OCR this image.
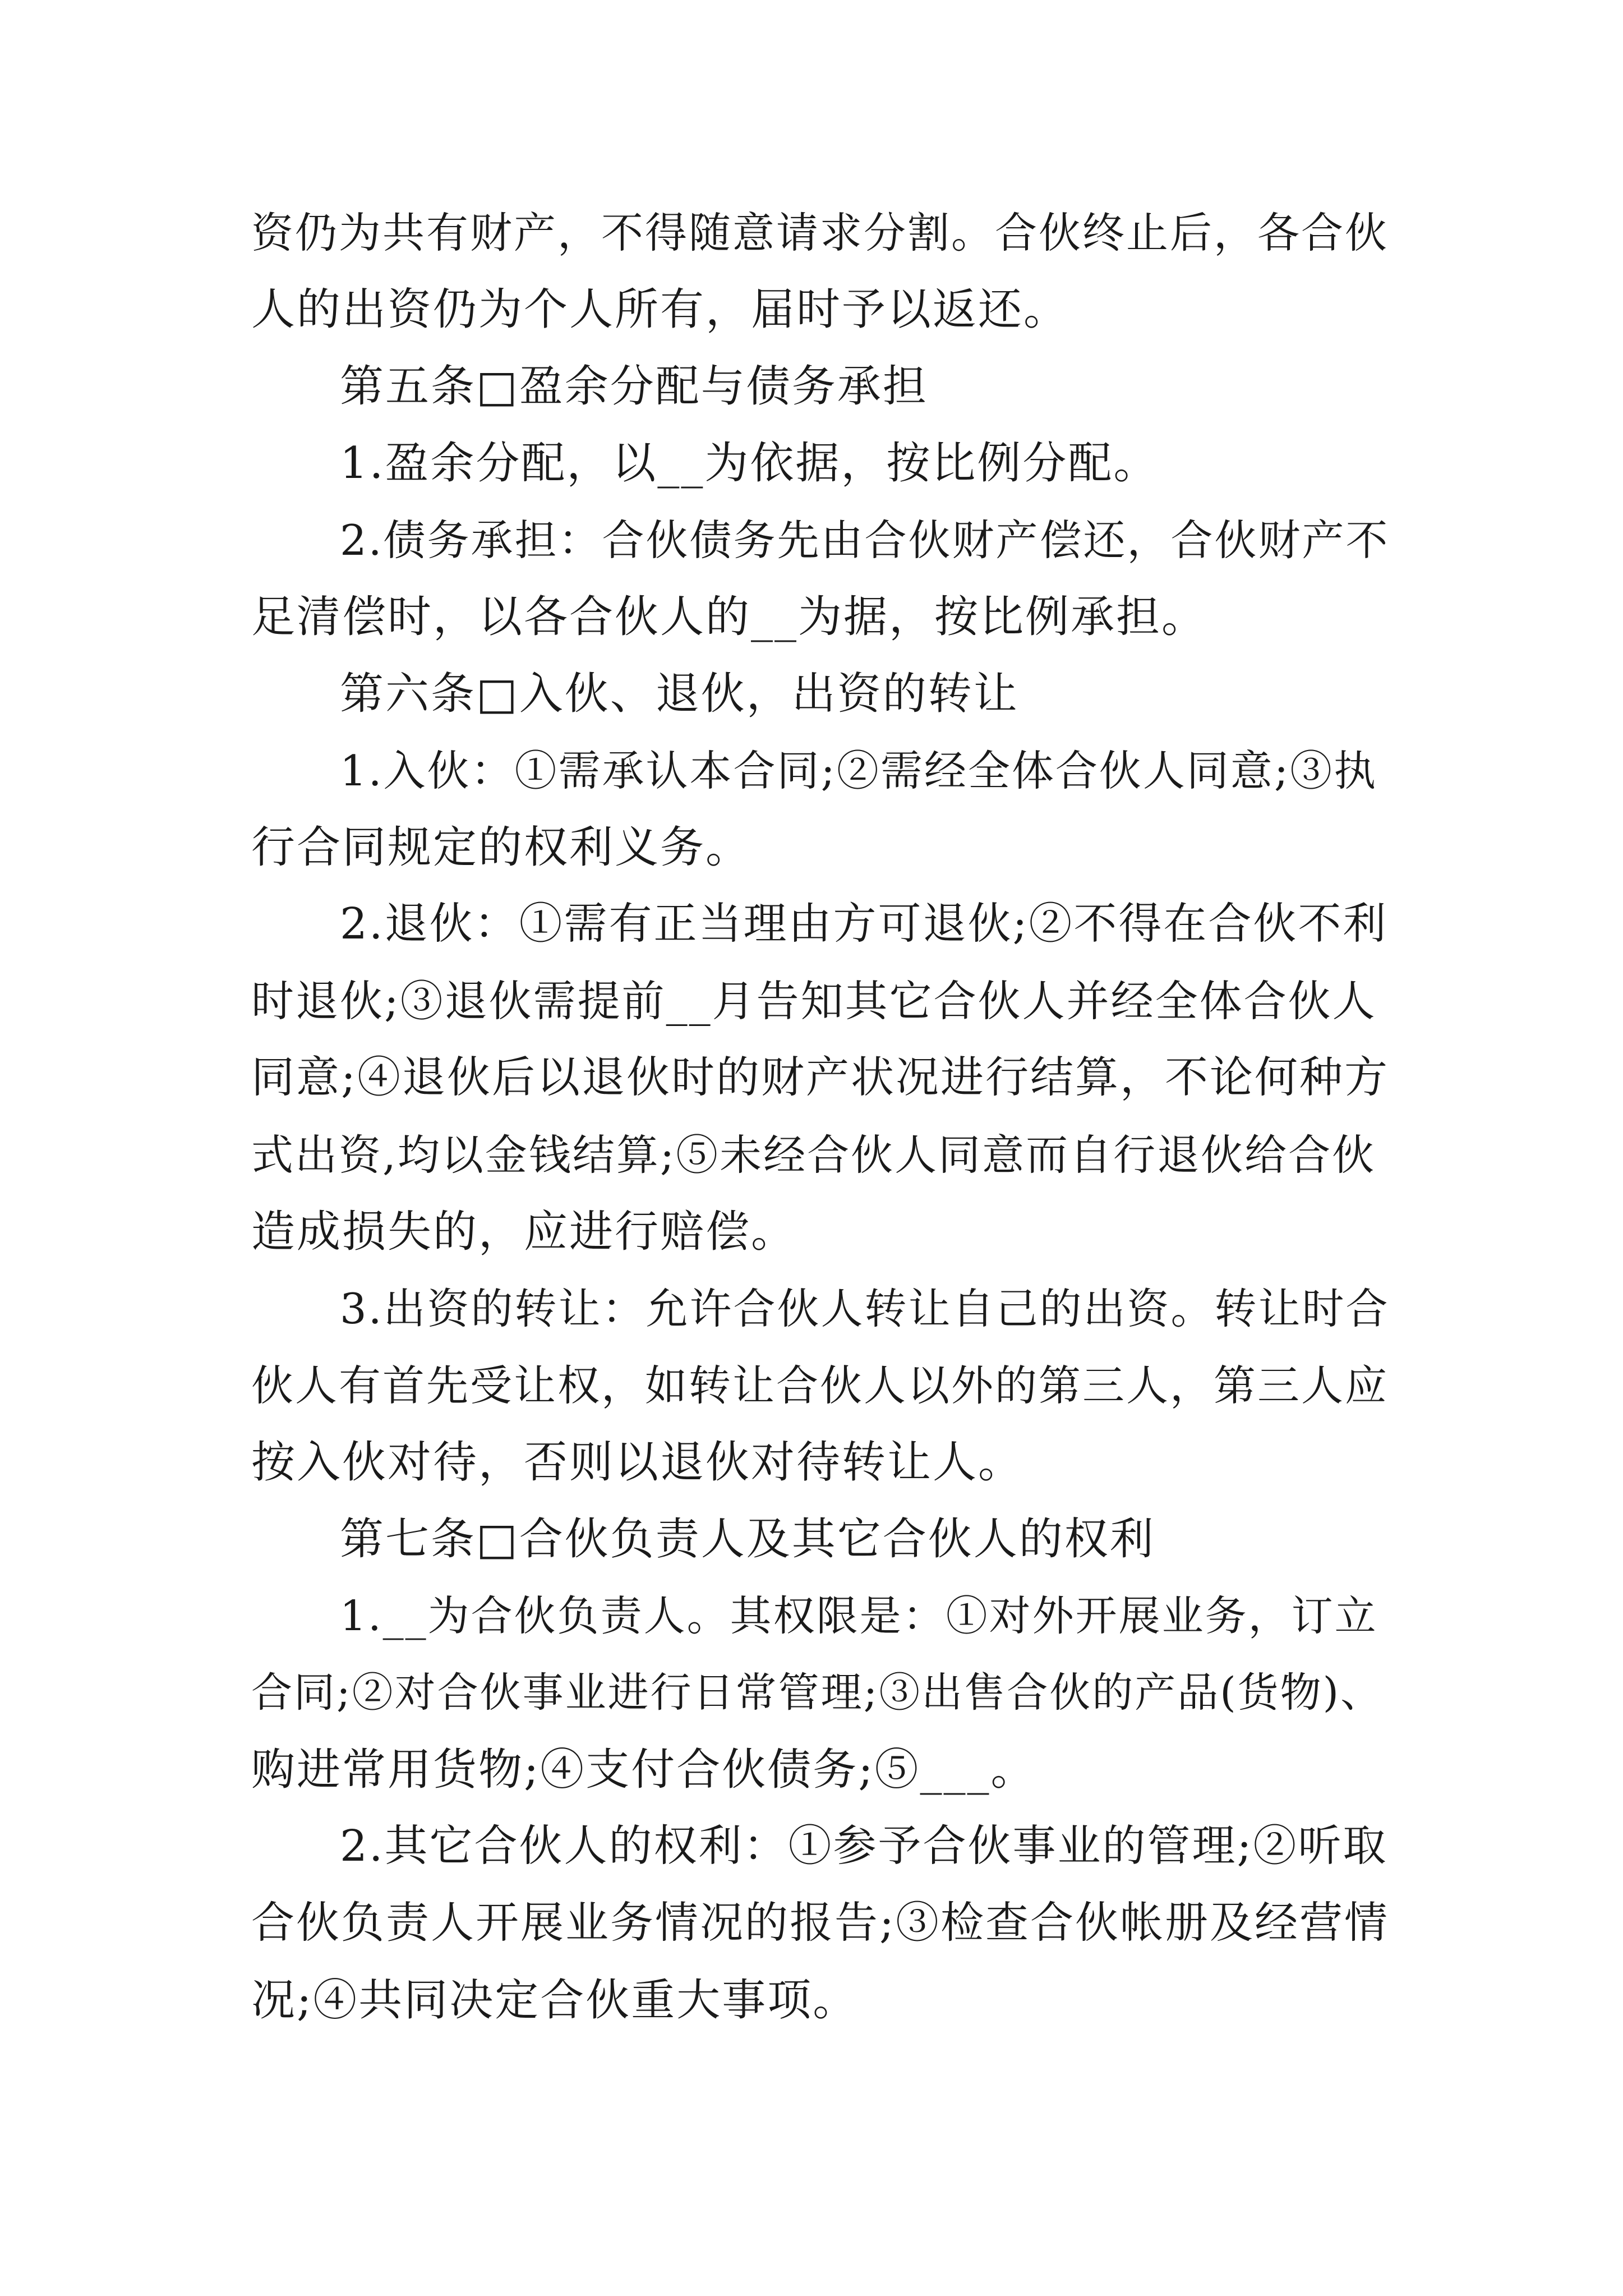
资仍为共有财产，不得随意请求分割。合伙终止后，各合伙
人的出资仍为个人所有，届时予以返还。
第五条□盈余分配与债务承担
1.盈余分配，以__为依据，按比例分配。
2.债务承担：合伙债务先由合伙财产偿还，合伙财产不
足清偿时，以各合伙人的__为据，按比例承担。
第六条□入伙、退伙，出资的转让
1.入伙：①需承认本合同;②需经全体合伙人同意;③执
行合同规定的权利义务。
2.退伙：①需有正当理由方可退伙;②不得在合伙不利
时退伙;③退伙需提前__月告知其它合伙人并经全体合伙人
同意;④退伙后以退伙时的财产状况进行结算，不论何种方
式出资,均以金钱结算;⑤未经合伙人同意而自行退伙给合伙
造成损失的，应进行赔偿。
3.出资的转让：允许合伙人转让自己的出资。转让时合
伙人有首先受让权，如转让合伙人以外的第三人，第三人应
按入伙对待，否则以退伙对待转让人。
第七条□合伙负责人及其它合伙人的权利
1.__为合伙负责人。其权限是：①对外开展业务，订立
合同;②对合伙事业进行日常管理;③出售合伙的产品(货物)、
购进常用货物;④支付合伙债务;⑤___。
2.其它合伙人的权利：①参予合伙事业的管理;②听取
合伙负责人开展业务情况的报告;③检查合伙帐册及经营情
况;④共同决定合伙重大事项。
